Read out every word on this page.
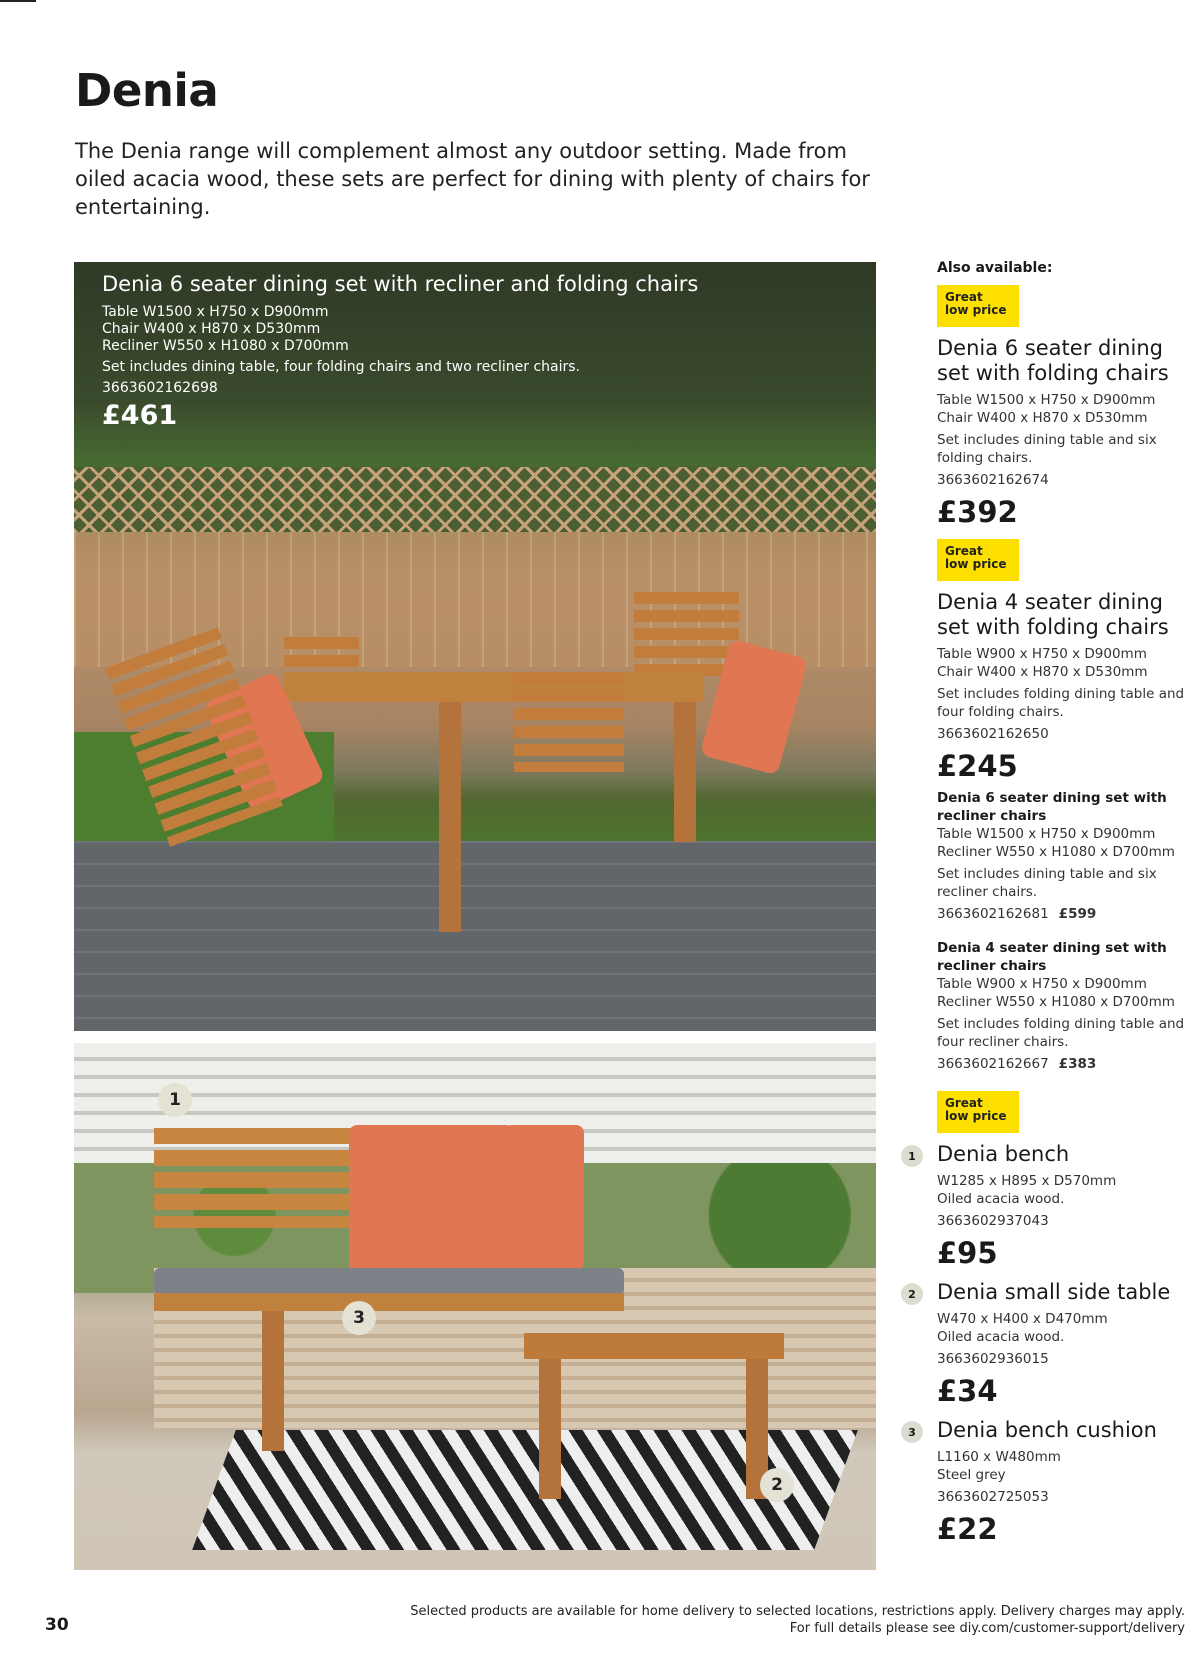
Denia

The Denia range will complement almost any outdoor setting. Made from oiled acacia wood, these sets are perfect for dining with plenty of chairs for entertaining.

Denia 6 seater dining set with recliner and folding chairs
Table W1500 x H750 x D900mm
Chair W400 x H870 x D530mm
Recliner W550 x H1080 x D700mm
Set includes dining table, four folding chairs and two recliner chairs.
3663602162698
£461
1
2
3
Also available:
Great
low price
Denia 6 seater dining set with folding chairs
Table W1500 x H750 x D900mm
Chair W400 x H870 x D530mm
Set includes dining table and six folding chairs.
3663602162674
£392
Great
low price
Denia 4 seater dining set with folding chairs
Table W900 x H750 x D900mm
Chair W400 x H870 x D530mm
Set includes folding dining table and four folding chairs.
3663602162650
£245
Denia 6 seater dining set with recliner chairs
Table W1500 x H750 x D900mm
Recliner W550 x H1080 x D700mm
Set includes dining table and six recliner chairs.
3663602162681 £599
Denia 4 seater dining set with recliner chairs
Table W900 x H750 x D900mm
Recliner W550 x H1080 x D700mm
Set includes folding dining table and four recliner chairs.
3663602162667 £383
Great
low price
1	Denia bench
W1285 x H895 x D570mm
Oiled acacia wood.
3663602937043
£95
2	Denia small side table
W470 x H400 x D470mm
Oiled acacia wood.
3663602936015
£34
3	Denia bench cushion
L1160 x W480mm
Steel grey
3663602725053
£22
30
Selected products are available for home delivery to selected locations, restrictions apply. Delivery charges may apply.
For full details please see diy.com/customer-support/delivery
